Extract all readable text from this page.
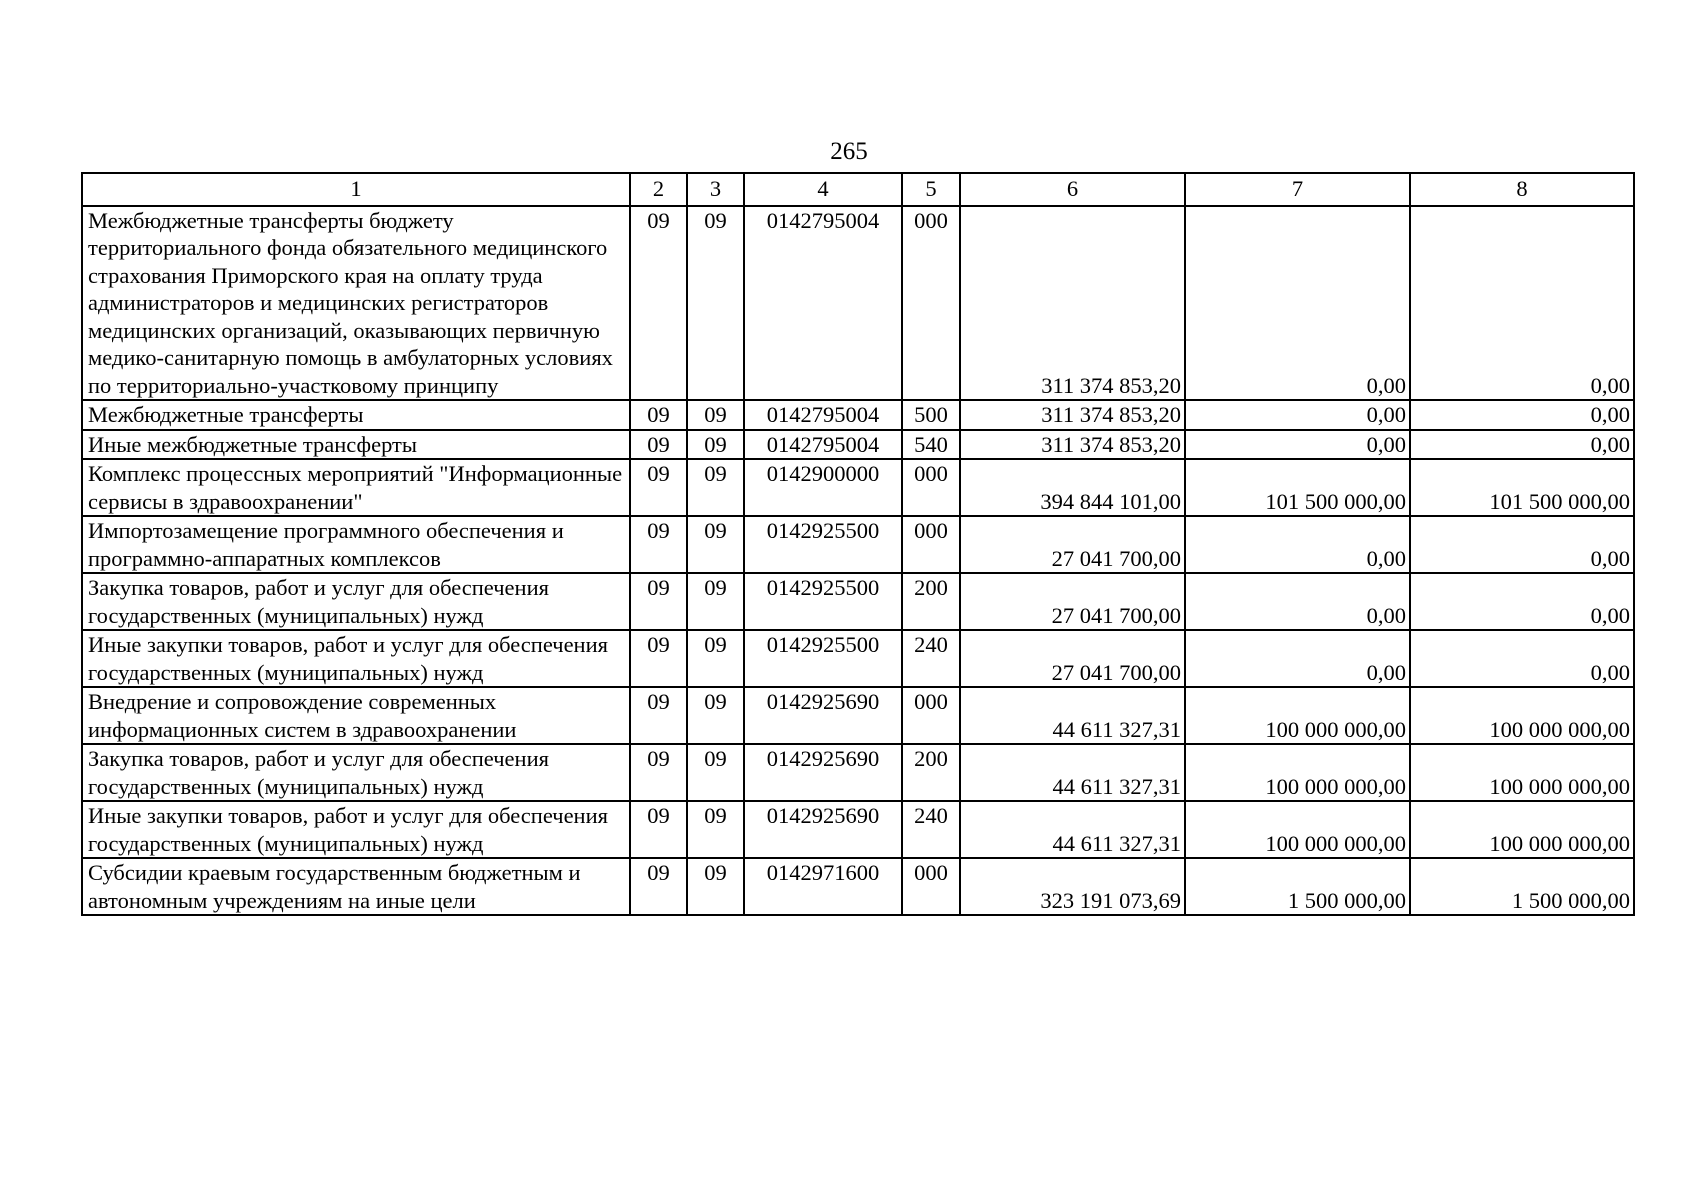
265
1	2	3	4	5	6	7	8
Межбюджетные трансферты бюджету территориального фонда обязательного медицинского страхования Приморского края на оплату труда администраторов и медицинских регистраторов медицинских организаций, оказывающих первичную медико-санитарную помощь в амбулаторных условиях по территориально-участковому принципу	09	09	0142795004	000	311 374 853,20	0,00	0,00
Межбюджетные трансферты	09	09	0142795004	500	311 374 853,20	0,00	0,00
Иные межбюджетные трансферты	09	09	0142795004	540	311 374 853,20	0,00	0,00
Комплекс процессных мероприятий "Информационные сервисы в здравоохранении"	09	09	0142900000	000	394 844 101,00	101 500 000,00	101 500 000,00
Импортозамещение программного обеспечения и программно-аппаратных комплексов	09	09	0142925500	000	27 041 700,00	0,00	0,00
Закупка товаров, работ и услуг для обеспечения государственных (муниципальных) нужд	09	09	0142925500	200	27 041 700,00	0,00	0,00
Иные закупки товаров, работ и услуг для обеспечения государственных (муниципальных) нужд	09	09	0142925500	240	27 041 700,00	0,00	0,00
Внедрение и сопровождение современных информационных систем в здравоохранении	09	09	0142925690	000	44 611 327,31	100 000 000,00	100 000 000,00
Закупка товаров, работ и услуг для обеспечения государственных (муниципальных) нужд	09	09	0142925690	200	44 611 327,31	100 000 000,00	100 000 000,00
Иные закупки товаров, работ и услуг для обеспечения государственных (муниципальных) нужд	09	09	0142925690	240	44 611 327,31	100 000 000,00	100 000 000,00
Субсидии краевым государственным бюджетным и автономным учреждениям на иные цели	09	09	0142971600	000	323 191 073,69	1 500 000,00	1 500 000,00
